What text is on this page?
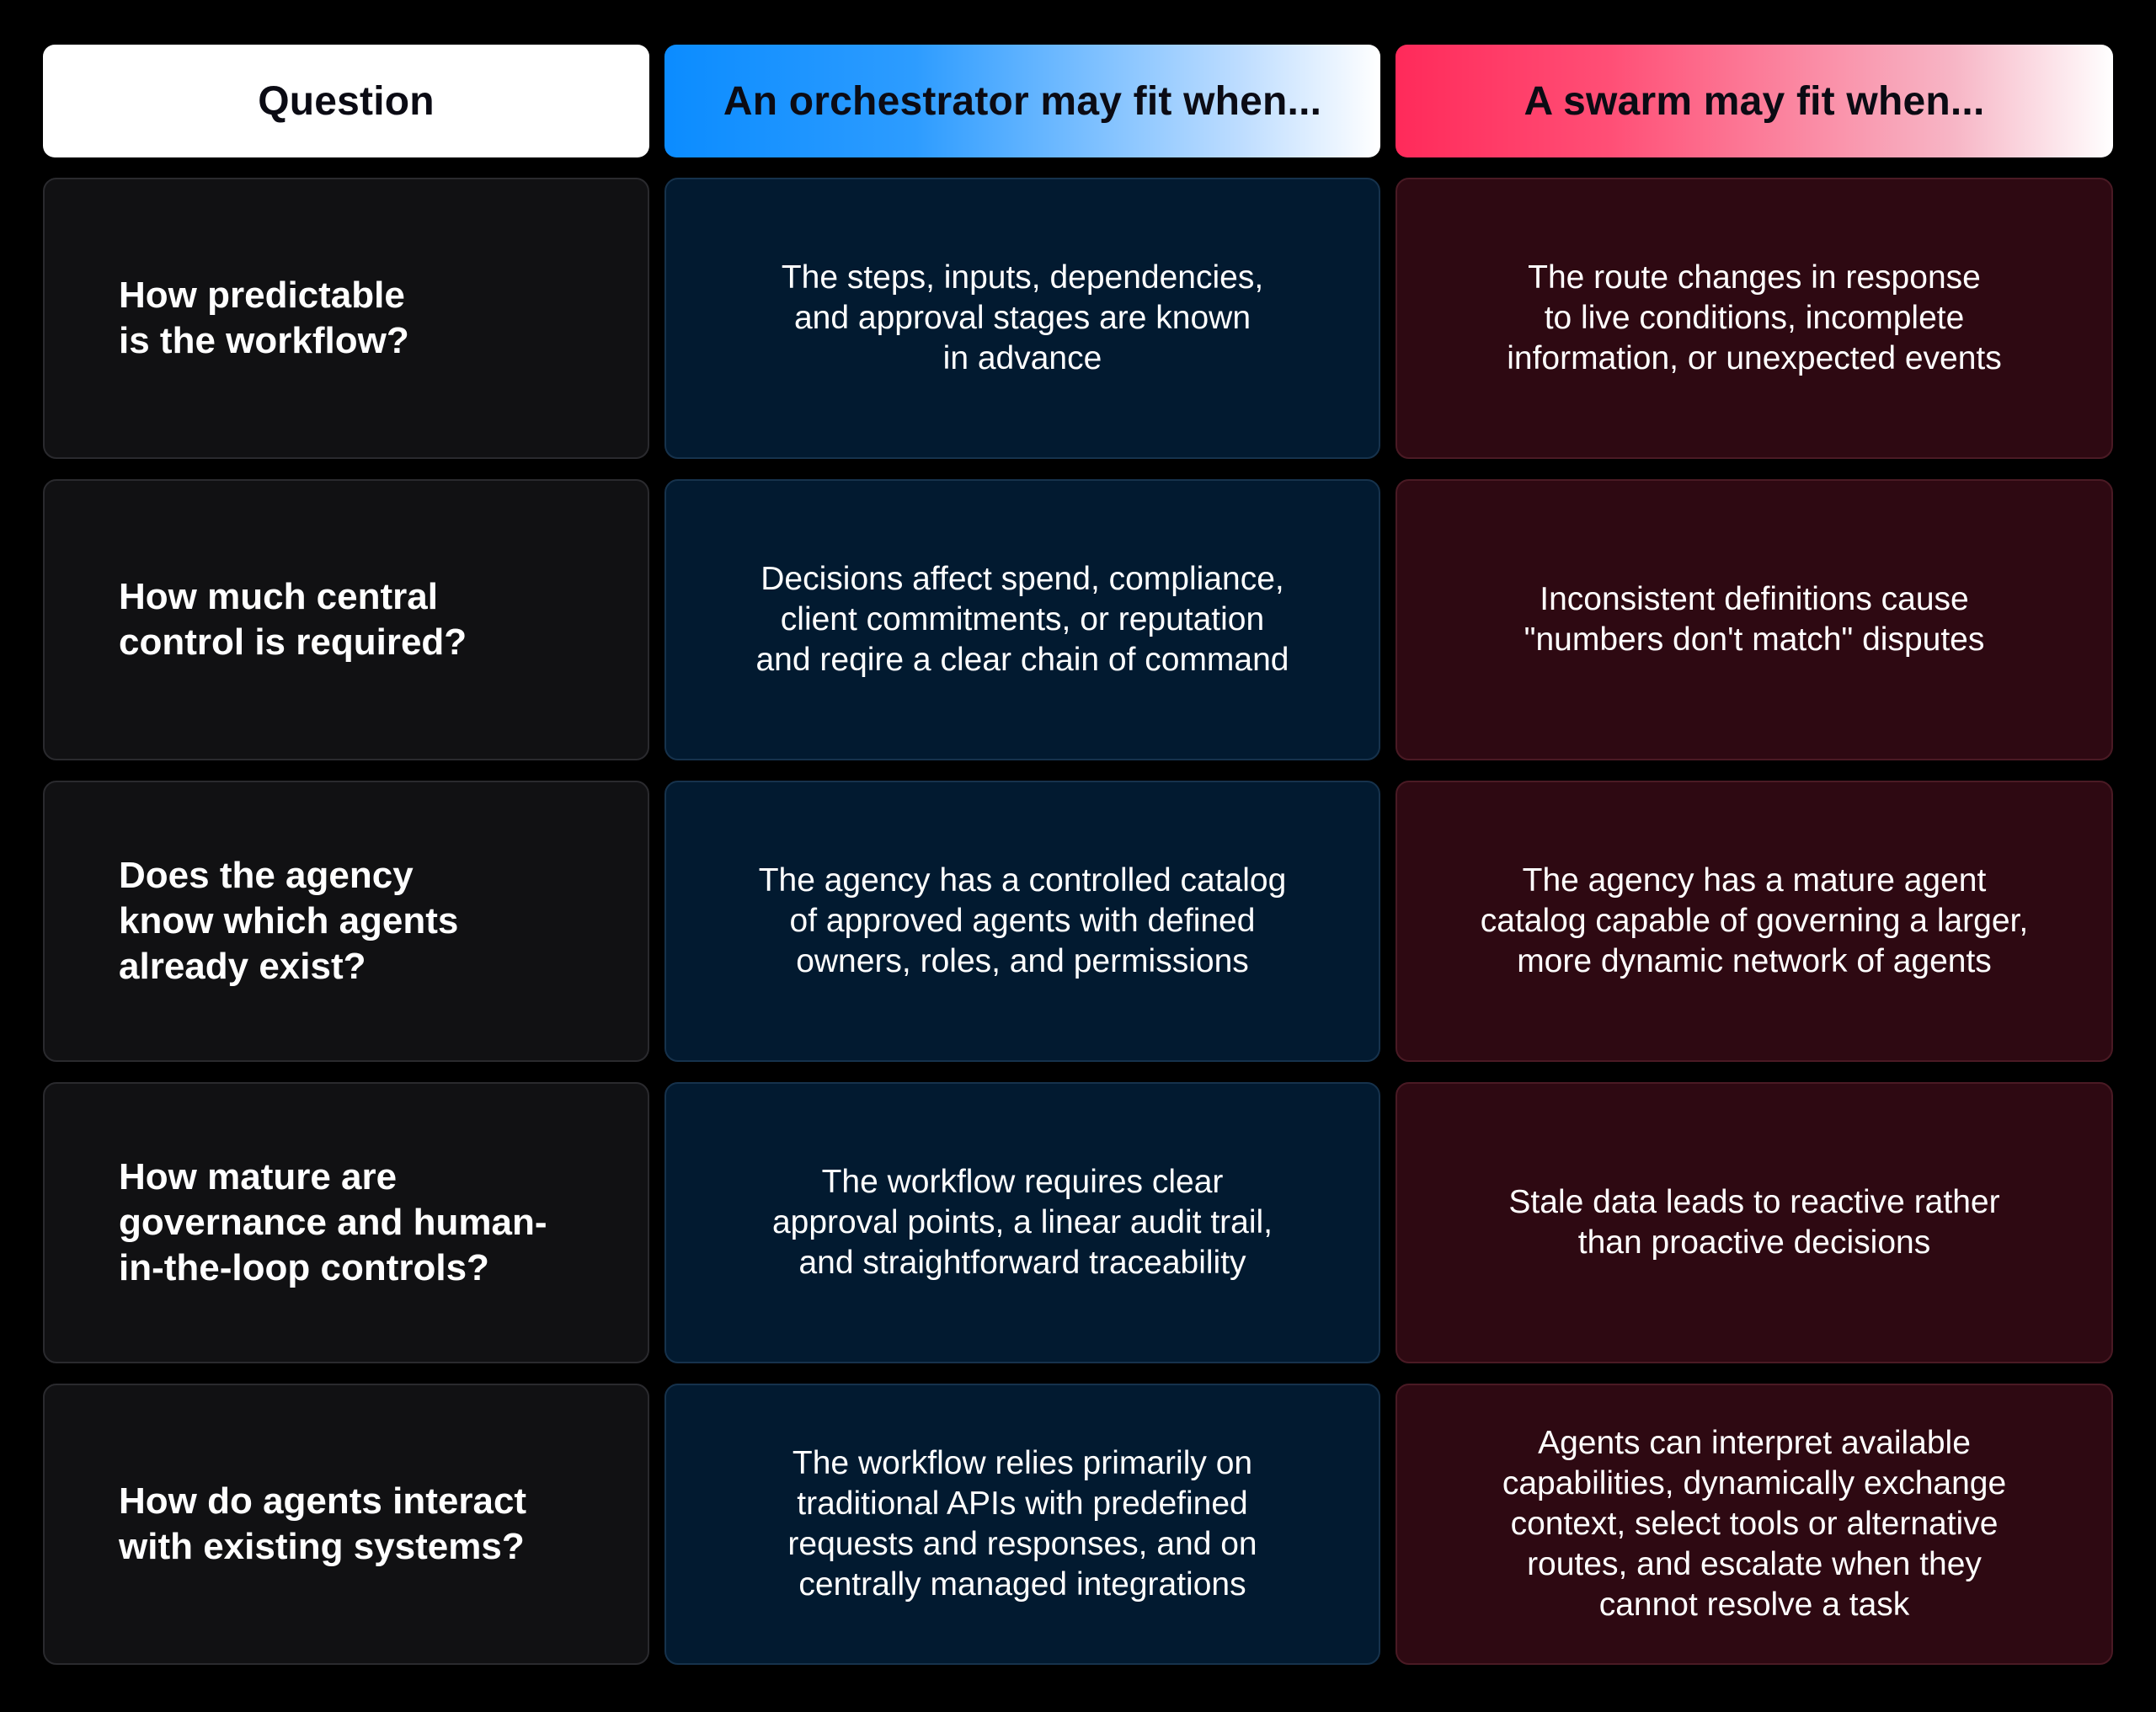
Question	An orchestrator may fit when...	A swarm may fit when...
How predictable
is the workflow?
The steps, inputs, dependencies,
and approval stages are known
in advance
The route changes in response
to live conditions, incomplete
information, or unexpected events
How much central
control is required?
Decisions affect spend, compliance,
client commitments, or reputation
and reqire a clear chain of command
Inconsistent definitions cause
"numbers don't match" disputes
Does the agency
know which agents
already exist?
The agency has a controlled catalog
of approved agents with defined
owners, roles, and permissions
The agency has a mature agent
catalog capable of governing a larger,
more dynamic network of agents
How mature are
governance and human-
in-the-loop controls?
The workflow requires clear
approval points, a linear audit trail,
and straightforward traceability
Stale data leads to reactive rather
than proactive decisions
How do agents interact
with existing systems?
The workflow relies primarily on
traditional APIs with predefined
requests and responses, and on
centrally managed integrations
Agents can interpret available
capabilities, dynamically exchange
context, select tools or alternative
routes, and escalate when they
cannot resolve a task
